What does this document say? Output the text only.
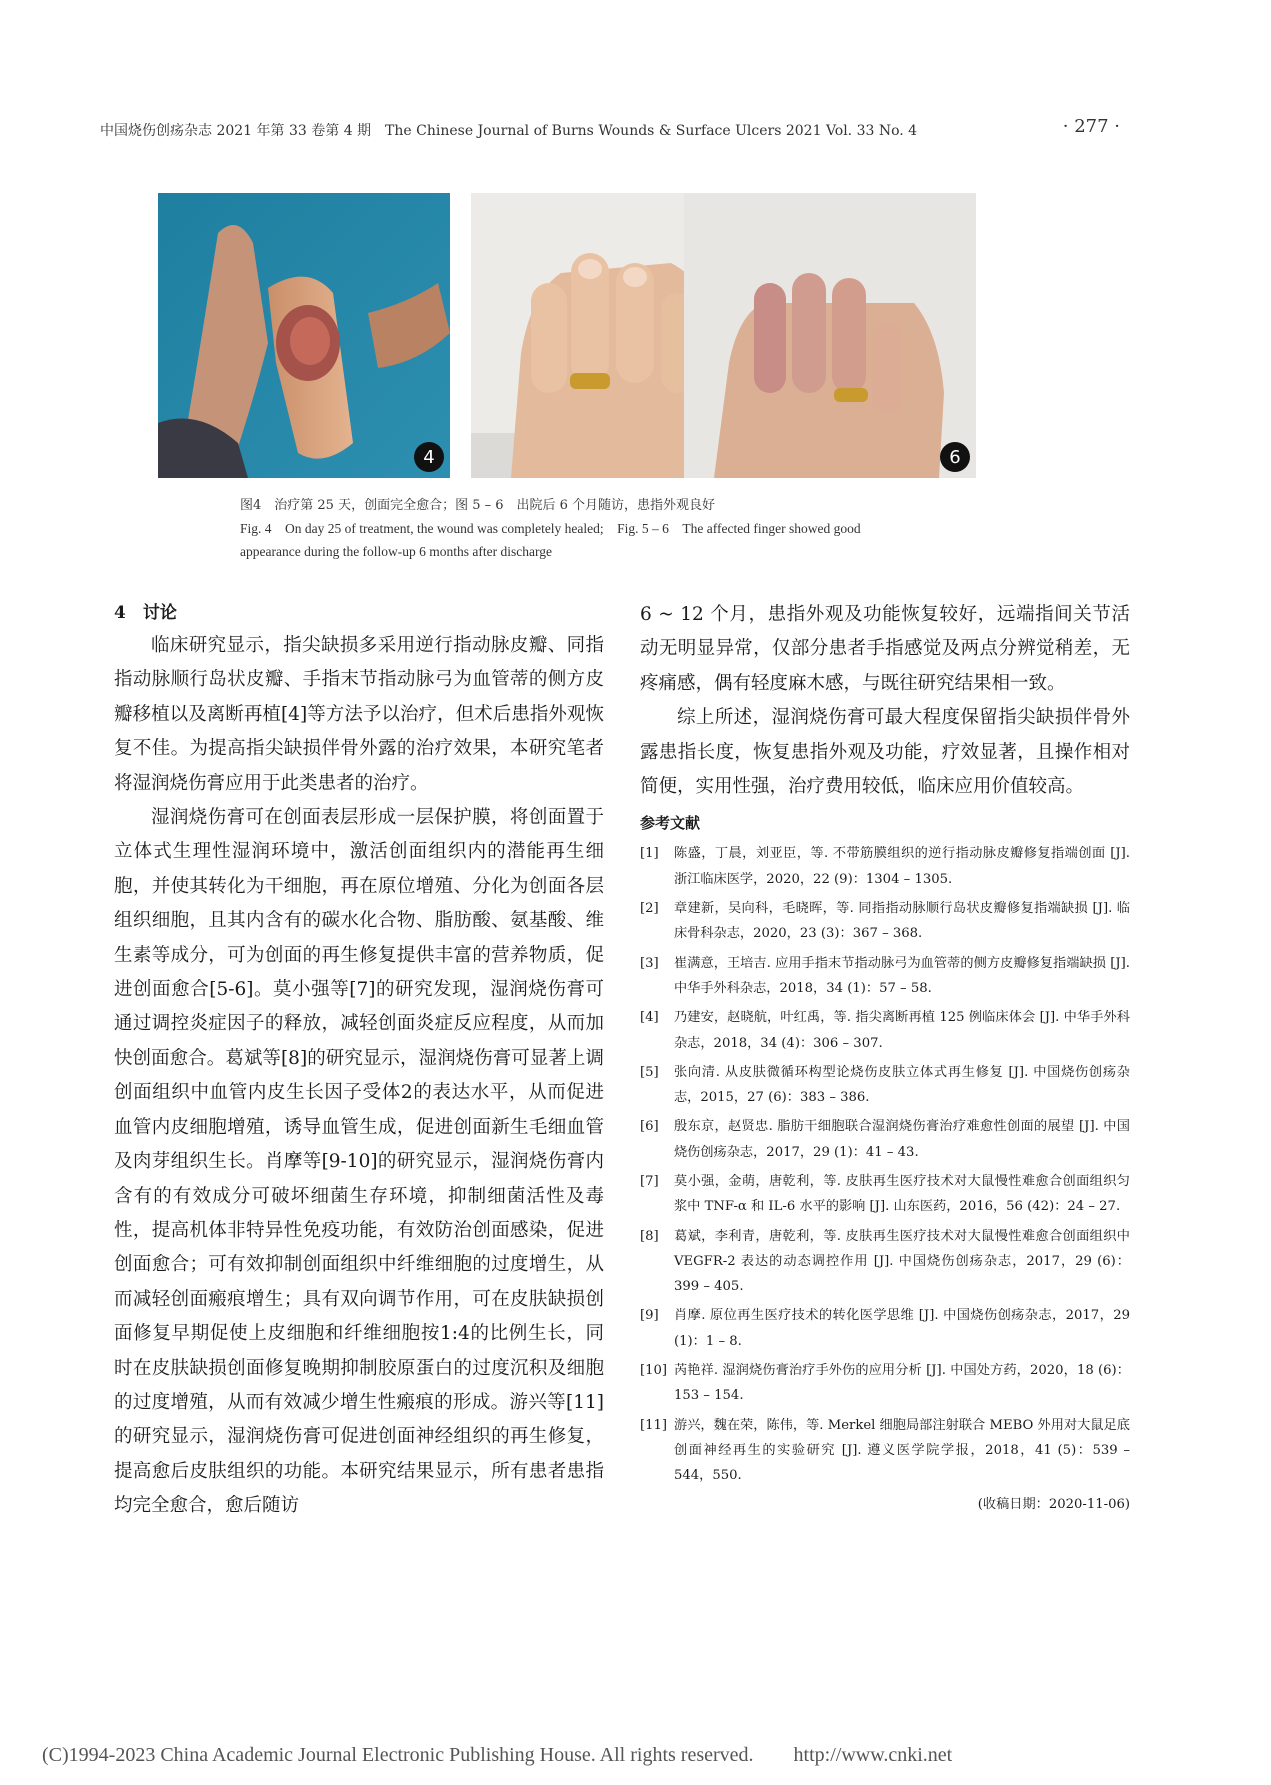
中国烧伤创疡杂志 2021 年第 33 卷第 4 期　The Chinese Journal of Burns Wounds & Surface Ulcers 2021 Vol. 33 No. 4	· 277 ·
4	6
图4　治疗第 25 天，创面完全愈合；图 5 – 6　出院后 6 个月随访，患指外观良好
Fig. 4　On day 25 of treatment, the wound was completely healed;　Fig. 5 – 6　The affected finger showed good
appearance during the follow-up 6 months after discharge
4　讨论

临床研究显示，指尖缺损多采用逆行指动脉皮瓣、同指指动脉顺行岛状皮瓣、手指末节指动脉弓为血管蒂的侧方皮瓣移植以及离断再植[4]等方法予以治疗，但术后患指外观恢复不佳。为提高指尖缺损伴骨外露的治疗效果，本研究笔者将湿润烧伤膏应用于此类患者的治疗。

湿润烧伤膏可在创面表层形成一层保护膜，将创面置于立体式生理性湿润环境中，激活创面组织内的潜能再生细胞，并使其转化为干细胞，再在原位增殖、分化为创面各层组织细胞，且其内含有的碳水化合物、脂肪酸、氨基酸、维生素等成分，可为创面的再生修复提供丰富的营养物质，促进创面愈合[5-6]。莫小强等[7]的研究发现，湿润烧伤膏可通过调控炎症因子的释放，减轻创面炎症反应程度，从而加快创面愈合。葛斌等[8]的研究显示，湿润烧伤膏可显著上调创面组织中血管内皮生长因子受体2的表达水平，从而促进血管内皮细胞增殖，诱导血管生成，促进创面新生毛细血管及肉芽组织生长。肖摩等[9-10]的研究显示，湿润烧伤膏内含有的有效成分可破坏细菌生存环境，抑制细菌活性及毒性，提高机体非特异性免疫功能，有效防治创面感染，促进创面愈合；可有效抑制创面组织中纤维细胞的过度增生，从而减轻创面瘢痕增生；具有双向调节作用，可在皮肤缺损创面修复早期促使上皮细胞和纤维细胞按1:4的比例生长，同时在皮肤缺损创面修复晚期抑制胶原蛋白的过度沉积及细胞的过度增殖，从而有效减少增生性瘢痕的形成。游兴等[11]的研究显示，湿润烧伤膏可促进创面神经组织的再生修复，提高愈后皮肤组织的功能。本研究结果显示，所有患者患指均完全愈合，愈后随访

6 ~ 12 个月，患指外观及功能恢复较好，远端指间关节活动无明显异常，仅部分患者手指感觉及两点分辨觉稍差，无疼痛感，偶有轻度麻木感，与既往研究结果相一致。

综上所述，湿润烧伤膏可最大程度保留指尖缺损伴骨外露患指长度，恢复患指外观及功能，疗效显著，且操作相对简便，实用性强，治疗费用较低，临床应用价值较高。

参考文献
[1]	陈盛，丁晨，刘亚臣，等. 不带筋膜组织的逆行指动脉皮瓣修复指端创面 [J]. 浙江临床医学，2020，22 (9)：1304 – 1305.
[2]	章建新，吴向科，毛晓晖，等. 同指指动脉顺行岛状皮瓣修复指端缺损 [J]. 临床骨科杂志，2020，23 (3)：367 – 368.
[3]	崔满意，王培吉. 应用手指末节指动脉弓为血管蒂的侧方皮瓣修复指端缺损 [J]. 中华手外科杂志，2018，34 (1)：57 – 58.
[4]	乃建安，赵晓航，叶红禹，等. 指尖离断再植 125 例临床体会 [J]. 中华手外科杂志，2018，34 (4)：306 – 307.
[5]	张向清. 从皮肤微循环构型论烧伤皮肤立体式再生修复 [J]. 中国烧伤创疡杂志，2015，27 (6)：383 – 386.
[6]	殷东京，赵贤忠. 脂肪干细胞联合湿润烧伤膏治疗难愈性创面的展望 [J]. 中国烧伤创疡杂志，2017，29 (1)：41 – 43.
[7]	莫小强，金萌，唐乾利，等. 皮肤再生医疗技术对大鼠慢性难愈合创面组织匀浆中 TNF-α 和 IL-6 水平的影响 [J]. 山东医药，2016，56 (42)：24 – 27.
[8]	葛斌，李利青，唐乾利，等. 皮肤再生医疗技术对大鼠慢性难愈合创面组织中 VEGFR-2 表达的动态调控作用 [J]. 中国烧伤创疡杂志，2017，29 (6)：399 – 405.
[9]	肖摩. 原位再生医疗技术的转化医学思维 [J]. 中国烧伤创疡杂志，2017，29 (1)：1 – 8.
[10] 芮艳祥. 湿润烧伤膏治疗手外伤的应用分析 [J]. 中国处方药，2020，18 (6)：153 – 154.
[11] 游兴，魏在荣，陈伟，等. Merkel 细胞局部注射联合 MEBO 外用对大鼠足底创面神经再生的实验研究 [J]. 遵义医学院学报，2018，41 (5)：539 – 544，550.
(收稿日期：2020-11-06)
(C)1994-2023 China Academic Journal Electronic Publishing House. All rights reserved.　　http://www.cnki.net
